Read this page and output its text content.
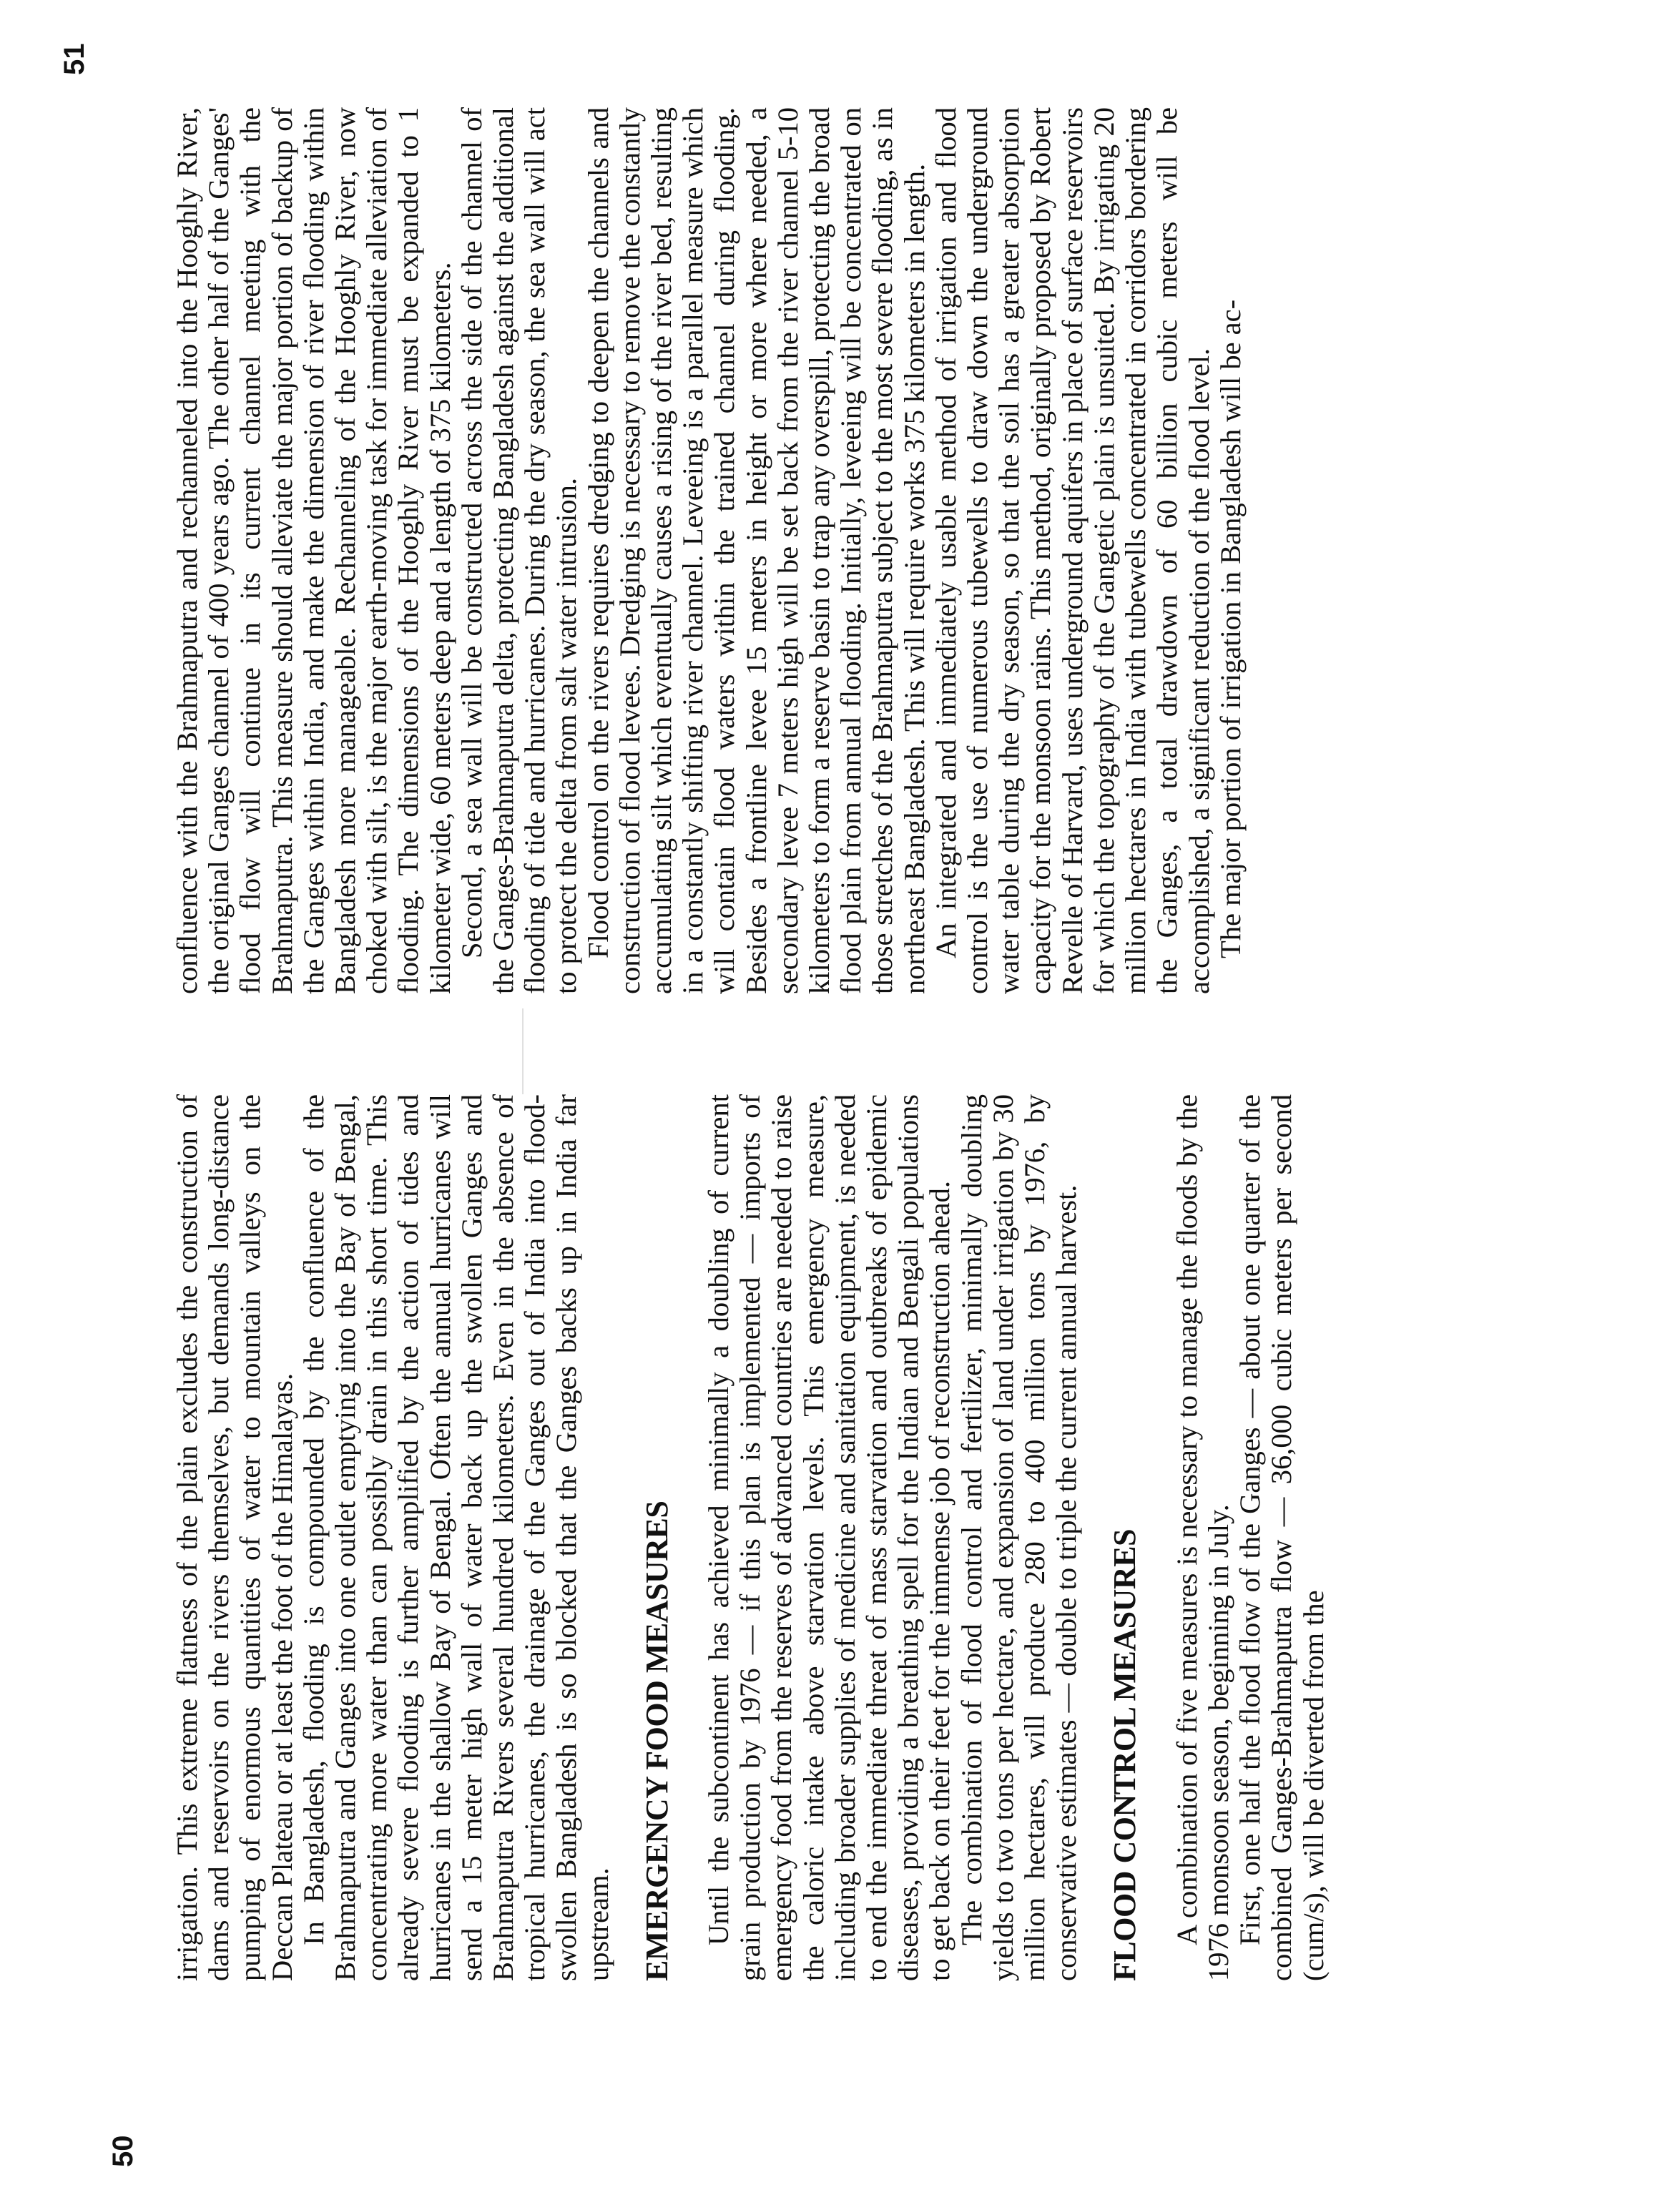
50

irrigation. This extreme flatness of the plain excludes the construction of dams and reservoirs on the rivers themselves, but demands long-distance pumping of enormous quantities of water to mountain valleys on the Deccan Plateau or at least the foot of the Himalayas. In Bangladesh, flooding is compounded by the confluence of the Brahmaputra and Ganges into one outlet emptying into the Bay of Bengal, concentrating more water than can possibly drain in this short time. This already severe flooding is further amplified by the action of tides and hurricanes in the shallow Bay of Bengal. Often the annual hurricanes will send a 15 meter high wall of water back up the swollen Ganges and Brahmaputra Rivers several hundred kilometers. Even in the absence of tropical hurricanes, the drainage of the Ganges out of India into flood-swollen Bangladesh is so blocked that the Ganges backs up in India far upstream. EMERGENCY FOOD MEASURES Until the subcontinent has achieved minimally a doubling of current grain production by 1976 — if this plan is implemented — imports of emergency food from the reserves of advanced countries are needed to raise the caloric intake above starvation levels. This emergency measure, including broader supplies of medicine and sanitation equipment, is needed to end the immediate threat of mass starvation and outbreaks of epidemic diseases, providing a breathing spell for the Indian and Bengali populations to get back on their feet for the immense job of reconstruction ahead. The combination of flood control and fertilizer, minimally doubling yields to two tons per hectare, and expansion of land under irrigation by 30 million hectares, will produce 280 to 400 million tons by 1976, by conservative estimates — double to triple the current annual harvest. FLOOD CONTROL MEASURES A combination of five measures is necessary to manage the floods by the 1976 monsoon season, beginning in July. First, one half the flood flow of the Ganges — about one quarter of the combined Ganges-Brahmaputra flow — 36,000 cubic meters per second (cum/s), will be diverted from the

51

confluence with the Brahmaputra and rechanneled into the Hooghly River, the original Ganges channel of 400 years ago. The other half of the Ganges' flood flow will continue in its current channel meeting with the Brahmaputra. This measure should alleviate the major portion of backup of the Ganges within India, and make the dimension of river flooding within Bangladesh more manageable. Rechanneling of the Hooghly River, now choked with silt, is the major earth-moving task for immediate alleviation of flooding. The dimensions of the Hooghly River must be expanded to 1 kilometer wide, 60 meters deep and a length of 375 kilometers. Second, a sea wall will be constructed across the side of the channel of the Ganges-Brahmaputra delta, protecting Bangladesh against the additional flooding of tide and hurricanes. During the dry season, the sea wall will act to protect the delta from salt water intrusion. Flood control on the rivers requires dredging to deepen the channels and construction of flood levees. Dredging is necessary to remove the constantly accumulating silt which eventually causes a rising of the river bed, resulting in a constantly shifting river channel. Leveeing is a parallel measure which will contain flood waters within the trained channel during flooding. Besides a frontline levee 15 meters in height or more where needed, a secondary levee 7 meters high will be set back from the river channel 5-10 kilometers to form a reserve basin to trap any overspill, protecting the broad flood plain from annual flooding. Initially, leveeing will be concentrated on those stretches of the Brahmaputra subject to the most severe flooding, as in northeast Bangladesh. This will require works 375 kilometers in length. An integrated and immediately usable method of irrigation and flood control is the use of numerous tubewells to draw down the underground water table during the dry season, so that the soil has a greater absorption capacity for the monsoon rains. This method, originally proposed by Robert Revelle of Harvard, uses underground aquifers in place of surface reservoirs for which the topography of the Gangetic plain is unsuited. By irrigating 20 million hectares in India with tubewells concentrated in corridors bordering the Ganges, a total drawdown of 60 billion cubic meters will be accomplished, a significant reduction of the flood level. The major portion of irrigation in Bangladesh will be ac-
